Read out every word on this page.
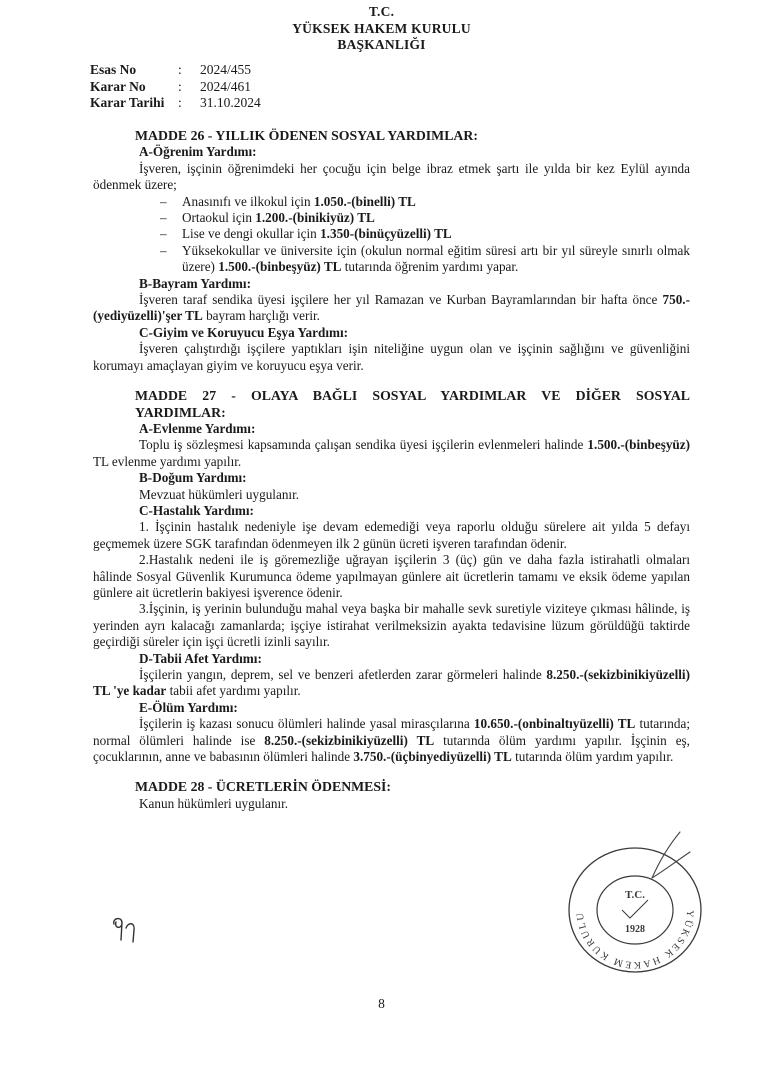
T.C.
YÜKSEK HAKEM KURULU
BAŞKANLIĞI
Esas No	:	2024/455
Karar No	:	2024/461
Karar Tarihi	:	31.10.2024
MADDE 26 - YILLIK ÖDENEN SOSYAL YARDIMLAR:
A-Öğrenim Yardımı:

İşveren, işçinin öğrenimdeki her çocuğu için belge ibraz etmek şartı ile yılda bir kez Eylül ayında ödenmek üzere;

–	Anasınıfı ve ilkokul için 1.050.-(binelli) TL
–	Ortaokul için 1.200.-(binikiyüz) TL
–	Lise ve dengi okullar için 1.350-(binüçyüzelli) TL
–	Yüksekokullar ve üniversite için (okulun normal eğitim süresi artı bir yıl süreyle sınırlı olmak üzere) 1.500.-(binbeşyüz) TL tutarında öğrenim yardımı yapar.
B-Bayram Yardımı:

İşveren taraf sendika üyesi işçilere her yıl Ramazan ve Kurban Bayramlarından bir hafta önce 750.-(yediyüzelli)'şer TL bayram harçlığı verir.

C-Giyim ve Koruyucu Eşya Yardımı:

İşveren çalıştırdığı işçilere yaptıkları işin niteliğine uygun olan ve işçinin sağlığını ve güvenliğini korumayı amaçlayan giyim ve koruyucu eşya verir.

MADDE 27 - OLAYA BAĞLI SOSYAL YARDIMLAR VE DİĞER SOSYAL YARDIMLAR:
A-Evlenme Yardımı:

Toplu iş sözleşmesi kapsamında çalışan sendika üyesi işçilerin evlenmeleri halinde 1.500.-(binbeşyüz) TL evlenme yardımı yapılır.

B-Doğum Yardımı:

Mevzuat hükümleri uygulanır.

C-Hastalık Yardımı:

1. İşçinin hastalık nedeniyle işe devam edemediği veya raporlu olduğu sürelere ait yılda 5 defayı geçmemek üzere SGK tarafından ödenmeyen ilk 2 günün ücreti işveren tarafından ödenir.

2.Hastalık nedeni ile iş göremezliğe uğrayan işçilerin 3 (üç) gün ve daha fazla istirahatli olmaları hâlinde Sosyal Güvenlik Kurumunca ödeme yapılmayan günlere ait ücretlerin tamamı ve eksik ödeme yapılan günlere ait ücretlerin bakiyesi işverence ödenir.

3.İşçinin, iş yerinin bulunduğu mahal veya başka bir mahalle sevk suretiyle viziteye çıkması hâlinde, iş yerinden ayrı kalacağı zamanlarda; işçiye istirahat verilmeksizin ayakta tedavisine lüzum görüldüğü taktirde geçirdiği süreler için işçi ücretli izinli sayılır.

D-Tabii Afet Yardımı:

İşçilerin yangın, deprem, sel ve benzeri afetlerden zarar görmeleri halinde 8.250.-(sekizbinikiyüzelli) TL 'ye kadar tabii afet yardımı yapılır.

E-Ölüm Yardımı:

İşçilerin iş kazası sonucu ölümleri halinde yasal mirasçılarına 10.650.-(onbinaltıyüzelli) TL tutarında; normal ölümleri halinde ise 8.250.-(sekizbinikiyüzelli) TL tutarında ölüm yardımı yapılır. İşçinin eş, çocuklarının, anne ve babasının ölümleri halinde 3.750.-(üçbinyediyüzelli) TL tutarında ölüm yardım yapılır.

MADDE 28 - ÜCRETLERİN ÖDENMESİ:

Kanun hükümleri uygulanır.

YÜKSEK HAKEM KURULU
T.C.
1928
8
